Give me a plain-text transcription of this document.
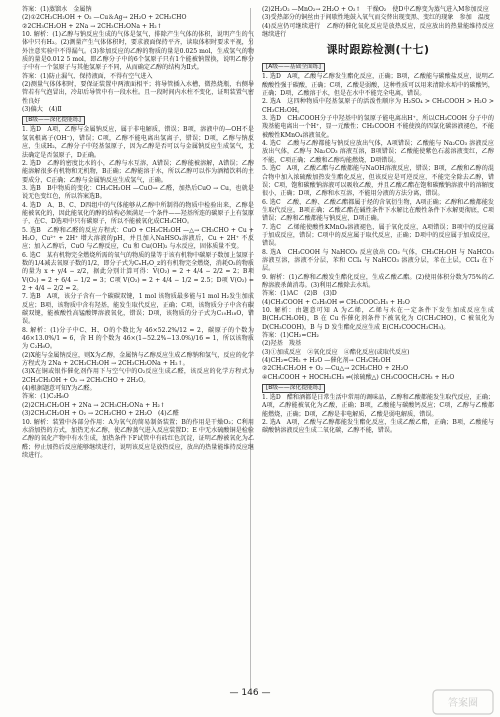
答案：(1)蒸馏水　金属钠

(2)①2CH₃CH₂OH + O₂ —Cu＆Ag→ 2H₂O + 2CH₃CHO

②2CH₃CH₂OH + 2Na → 2CH₃CH₂ONa + H₂↑

10. 解析：(1)乙醇与钠反应生成的气体是氢气，排除产生气体的体积，说明产生的气体中只有H₂。(2)测量产生气体体积时，要求液面保持平齐，读取体积时要求平视，另外注意实验中不得漏气。(3)参加反应的乙醇的物质的量是0.025 mol，生成氢气的物质的量是0.012 5 mol，即乙醇分子中的6个氢原子只有1个能被钠置换，说明乙醇分子中有一个氢原子与其他氢原子不同，从而确定乙醇的结构为Ⅱ式。

答案：(1)防止漏气、保持液面，不得有空气进入

(2)测量气体体积时，要保证装置中两液面相平；将导管插入水槽，微热烧瓶，右侧导管若有气泡冒出，冷却后导管中有一段水柱。且一段时间内水柱不变化，证明装置气密性良好

(3)偏大　(4)Ⅱ

[B级——深化提能练]

1. 选D　A项，乙醇与金属钠反应，属于非电解质，错误；B项，溶液中的—OH不是氢氧根离子(OH⁻)，错误；C项，乙醇不能电离出氢离子，错误；D项，乙醇与钠反应，生成H₂，乙醇分子中羟基氢原子，因为乙醇是否可以与金属钠反应生成氢气，无法确定是否氢原子，D正确。

2. 选D　乙醇的密度比水的小，乙醇与水互溶，A错误；乙醇能被溶解，A错误；乙醇能溶解很多有机物和无机物，B正确；乙醇能溶于水，所以乙醇可以作为酒精饮料的主要成分，C正确；乙醇与金属钠反应生成氢气，正确。

3. 选B　B中物质的变化：CH₃CH₂OH —CuO→ 乙醛，加热后CuO → Cu，也就是说无色变红色，所以答案选B。

4. 选D　A、B、C、D四组中的气体能够从乙醇中所制得的物质中检验出来，乙醇是能被氧化的，因此能氧化的醇的结构必须满足一个条件——羟基所连的碳原子上有氢原子，在C、D选项中只有碳原子，所以不能被氧化成CH₃CHO。

5. 选B　乙醇和乙醛的反应方程式：CuO + CH₃CH₂OH —△→ CH₃CHO + Cu + H₂O，Cu²⁺ + 2H⁺ 增大溶液的pH，并且加入NaHSO₄溶液后，Cu + 2H⁺ 不反应；加入乙醇后，CuO 与乙醇反应，Cu 和 Cu(OH)₂ 与水反应，固体质量不变。

6. 选C　某有机物完全燃烧所需的氧气的物质的量等于该有机物中碳原子数加上氢原子数的1/4减去氧原子数的1/2，即分子式为CₓHᵧO_z的有机物完全燃烧，消耗O₂的物质的量为 x + y/4 − z/2，据此分别计算可得：V(O₂) = 2 + 4/4 − 2/2 = 2；B项 V(O₂) = 2 + 6/4 − 1/2 = 3；C项 V(O₂) = 2 + 4/4 − 1/2 = 2.5；D项 V(O₂) = 2 + 4/4 − 2/2 = 2。

7. 选B　A项，该分子含有一个碳碳双键，1 mol 该物质最多能与1 mol H₂发生加成反应；B项，该物质中含有羟基，能发生取代反应，正确；C项，该物质分子中含有碳碳双键，能被酸性高锰酸钾溶液氧化，错误；D项，该物质的分子式为C₁₀H₁₈O，错误。

8. 解析：(1)分子中C、H、O的个数比为 46×52.2%/12 = 2，碳原子的个数为 46×13.0%/1 = 6，含 H 的个数为 46×(1−52.2%−13.0%)/16 = 1，所以该物质为 C₂H₆O。

(2)X能与金属钠反应，则X为乙醇，金属钠与乙醇反应生成乙醇钠和氢气，反应的化学方程式为 2Na + 2CH₃CH₂OH → 2CH₃CH₂ONa + H₂↑。

(3)X在铜或银作催化剂作用下与空气中的O₂反应生成乙醛，该反应的化学方程式为 2CH₃CH₂OH + O₂ → 2CH₃CHO + 2H₂O。

(4)根据题意可知Y为乙醛。

答案：(1)C₂H₆O

(2)2CH₃CH₂OH + 2Na → 2CH₃CH₂ONa + H₂↑

(3)2CH₃CH₂OH + O₂ → 2CH₃CHO + 2H₂O　(4)乙醛

10. 解析：装置中各部分作用：A为氧气的简易制备装置；B的作用是干燥O₂；C利用水浴加热的方式，加热无水乙醇，使乙醇蒸气进入反应装置D；E 中无水硫酸铜是检验乙醇的氧化产物中有水生成，加热条件下F试管中有砖红色沉淀，证明乙醇被氧化为乙醛；停止加热后反应能够继续进行，说明该反应是放热反应，放出的热量能维持反应继续进行。

(2)2H₂O₂ —MnO₂→ 2H₂O + O₂↑　干燥O₂　使D中乙醇变为蒸气进入M参加反应

(3)受热部分的铜丝由于间歇性地鼓入氧气而交替出现变黑、变红的现象　参加　温度

(4)反应仍可继续进行　乙醇的催化氧化反应是放热反应，反应放出的热量能维持反应继续进行

课时跟踪检测(十七)

[A级——基础全面练]

1. 选D　A项，乙酸与乙醇发生酯化反应，正确；B项，乙酸能与碳酸盐反应，说明乙酸酸性强于碳酸，正确；C项，乙酸是弱酸，这种性质可以用来清除水垢中的碳酸钙，正确；D项，乙酸溶于水，但是在水中不能完全电离，错误。

2. 选A　这四种物质中羟基氢原子的活泼性顺序为 H₂SO₄ > CH₃COOH > H₂O > CH₃CH₂OH。

3. 选D　CH₃COOH分子中羟基中的氢原子能电离出H⁺，所以CH₃COOH 分子中的羧基能电离出一个H⁺，显一元酸性；CH₃COOH 不能使溴的四氯化碳溶液褪色，不能被酸性KMnO₄溶液氧化。

4. 选C　乙酸与乙醇都能与钠反应放出气体，A项错误；乙酸能与 Na₂CO₃ 溶液反应放出气体，乙醇与 Na₂CO₃ 溶液互溶，B项错误；乙酸能使紫色石蕊溶液变红，乙醇不能，C项正确；乙酸和乙醇均能燃烧，D项错误。

5. 选C　A项，乙酸乙酯与乙酸都能与NaOH溶液反应，错误；B项，乙酸和乙醇的混合物中加入浓硫酸加热发生酯化反应，但该反应是可逆反应，不能完全除去乙醇，错误；C项，饱和碳酸钠溶液可以吸收乙酸，并且乙酸乙酯在饱和碳酸钠溶液中的溶解度很小，正确；D项，乙醇和水互溶，不能用分液的方法分离，错误。

6. 选C　乙酸、乙醇、乙酸乙酯都属于烃的含氧衍生物，A项正确；乙醇和乙酸都能发生取代反应，B项正确；乙酸乙酯在碱性条件下水解比在酸性条件下水解更彻底，C项错误；乙醇和乙酸都能与钠反应，D项正确。

7. 选C　乙烯能使酸性KMnO₄溶液褪色，属于氧化反应，A项错误；B项中的反应属于加成反应，错误；C项中的反应属于取代反应，正确；D项中的反应属于加成反应，错误。

8. 选A　CH₃COOH 与 NaHCO₃ 反应放出 CO₂ 气体，CH₃CH₂OH 与 NaHCO₃ 溶液互溶，溶液不分层，苯和 CCl₄ 与 NaHCO₃ 溶液分层，苯在上层，CCl₄ 在下层。

9. 解析：(1)乙醇和乙酸发生酯化反应，生成乙酸乙酯。(2)使用体积分数为75%的乙醇溶液杀菌消毒。(3)利用乙酸除去水垢。

答案：(1)AC　(2)B　(3)D

(4)CH₃COOH + C₂H₅OH ⇌ CH₃COOC₂H₅ + H₂O

10. 解析：由题意可知 A 为乙烯，乙烯与水在一定条件下发生加成反应生成 B(CH₃CH₂OH)，B 在 Cu 作催化剂条件下被氧化为 C(CH₃CHO)，C 被氧化为 D(CH₃COOH)，B 与 D 发生酯化反应生成 E(CH₃COOCH₂CH₃)。

答案：(1)CH₂=CH₂

(2)羟基　羧基

(3)①加成反应　②氧化反应　④酯化反应(或取代反应)

(4)CH₂=CH₂ + H₂O —催化剂→ CH₃CH₂OH

②2CH₃CH₂OH + O₂ —Cu△→ 2CH₃CHO + 2H₂O

④CH₃COOH + HOCH₂CH₃ ⇌(浓硫酸△) CH₃COOCH₂CH₃ + H₂O

[B级——深化提能练]

1. 选D　醋和酒都是日常生活中常用的调味品，乙醇和乙酸都能发生取代反应，正确；A项，乙醇能被氧化为乙酸，正确；B项，乙酸能与碳酸钙反应；C项，乙醇与乙酸都能燃烧，正确；D项，乙醇是非电解质，乙酸是弱电解质，错误。

2. 选A　A项，乙酸与乙醇都能发生酯化反应，生成乙酸乙酯，正确；B项，乙酸能与碳酸钠溶液反应生成二氧化碳，乙醇不能，错误。

— 146 —
答案圈
